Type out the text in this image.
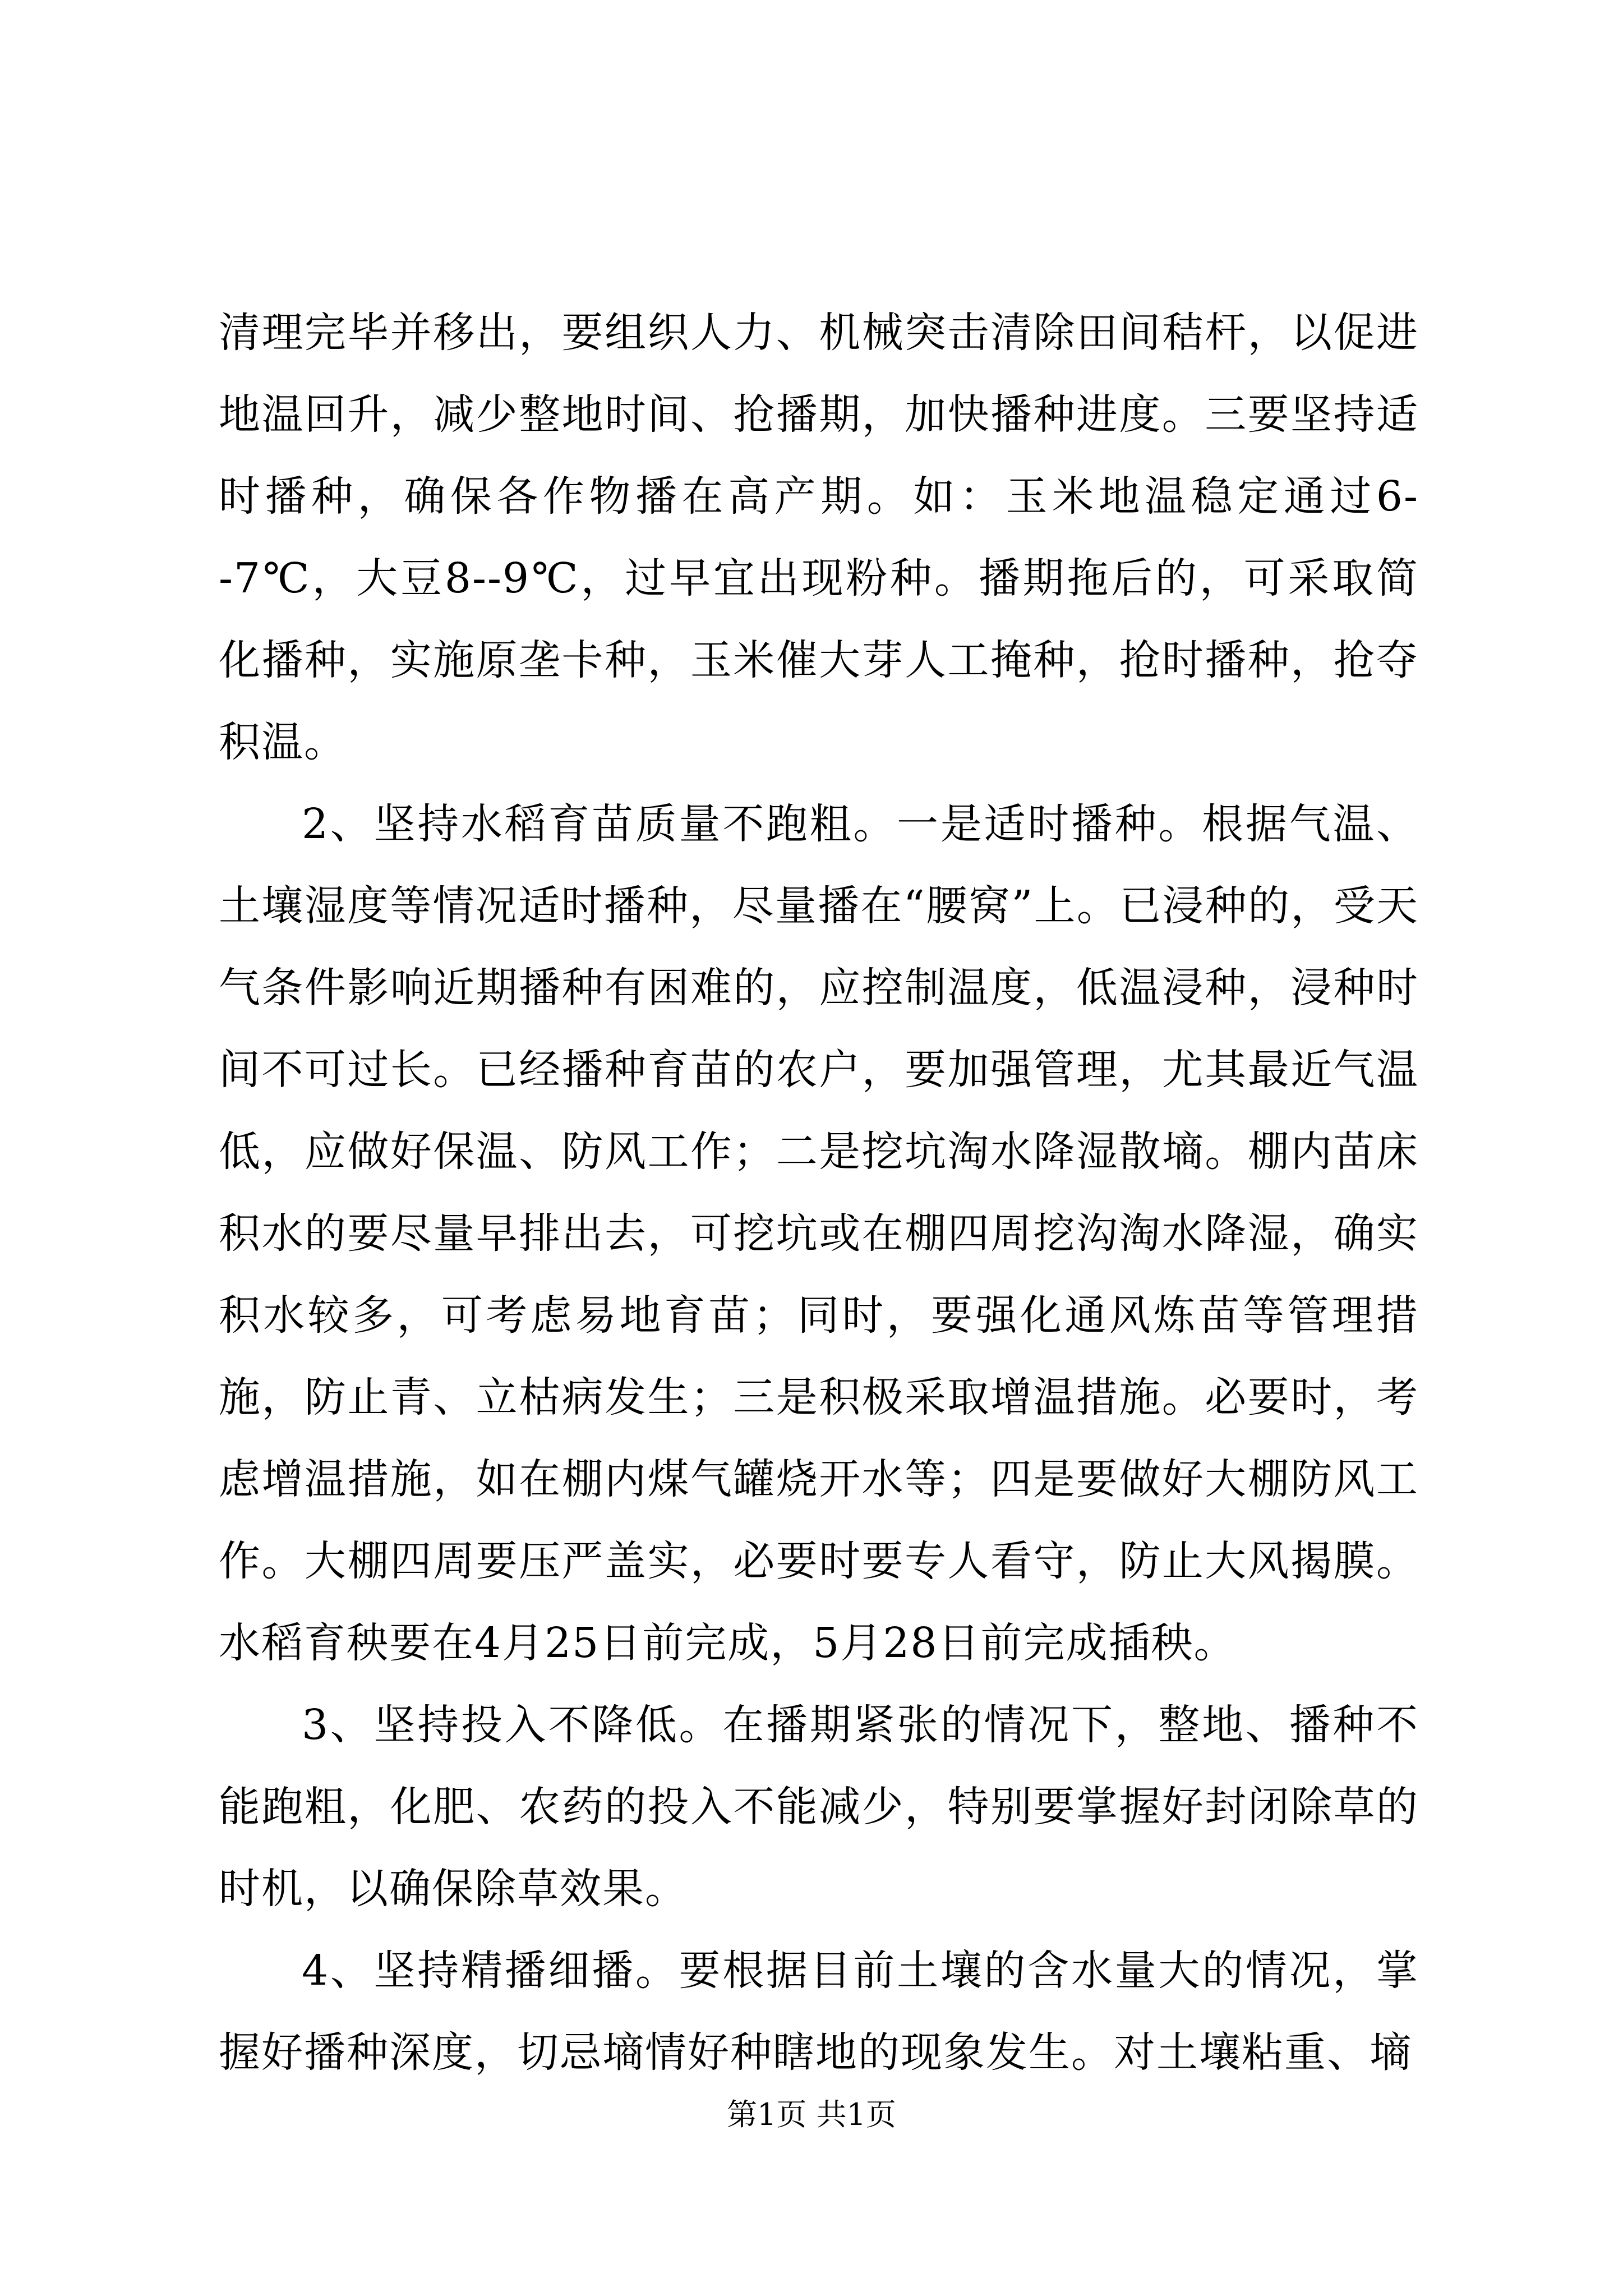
清理完毕并移出，要组织人力、机械突击清除田间秸杆，以促进地温回升，减少整地时间、抢播期，加快播种进度。三要坚持适时播种，确保各作物播在高产期。如：玉米地温稳定通过6--7℃，大豆8--9℃，过早宜出现粉种。播期拖后的，可采取简化播种，实施原垄卡种，玉米催大芽人工掩种，抢时播种，抢夺积温。

2、坚持水稻育苗质量不跑粗。一是适时播种。根据气温、土壤湿度等情况适时播种，尽量播在“腰窝”上。已浸种的，受天气条件影响近期播种有困难的，应控制温度，低温浸种，浸种时间不可过长。已经播种育苗的农户，要加强管理，尤其最近气温低，应做好保温、防风工作；二是挖坑淘水降湿散墒。棚内苗床积水的要尽量早排出去，可挖坑或在棚四周挖沟淘水降湿，确实积水较多，可考虑易地育苗；同时，要强化通风炼苗等管理措施，防止青、立枯病发生；三是积极采取增温措施。必要时，考虑增温措施，如在棚内煤气罐烧开水等；四是要做好大棚防风工作。大棚四周要压严盖实，必要时要专人看守，防止大风揭膜。水稻育秧要在4月25日前完成，5月28日前完成插秧。

3、坚持投入不降低。在播期紧张的情况下，整地、播种不能跑粗，化肥、农药的投入不能减少，特别要掌握好封闭除草的时机，以确保除草效果。

4、坚持精播细播。要根据目前土壤的含水量大的情况，掌握好播种深度，切忌墒情好种瞎地的现象发生。对土壤粘重、墒

第1页 共1页
